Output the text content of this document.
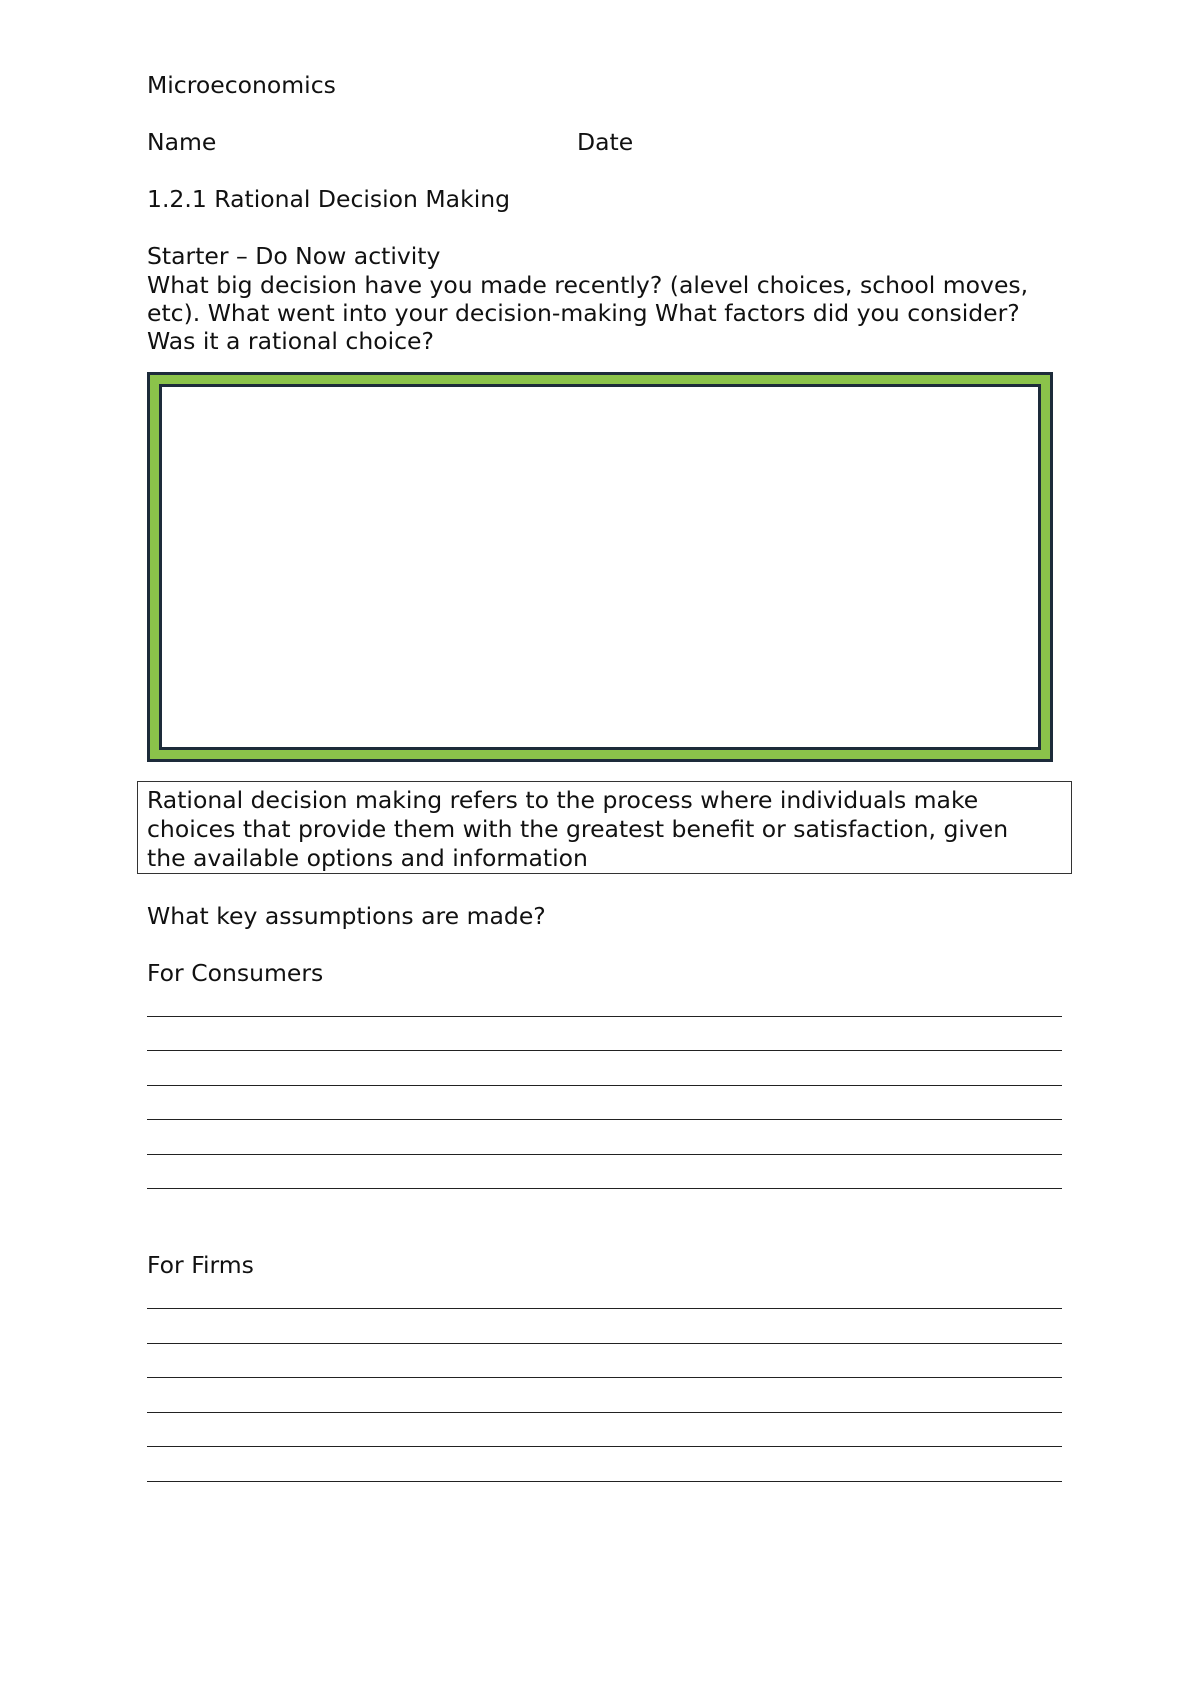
Microeconomics

Name	Date

1.2.1 Rational Decision Making

Starter – Do Now activity

What big decision have you made recently? (alevel choices, school moves,

etc). What went into your decision-making What factors did you consider?

Was it a rational choice?

Rational decision making refers to the process where individuals make

choices that provide them with the greatest benefit or satisfaction, given

the available options and information

What key assumptions are made?

For Consumers

For Firms
